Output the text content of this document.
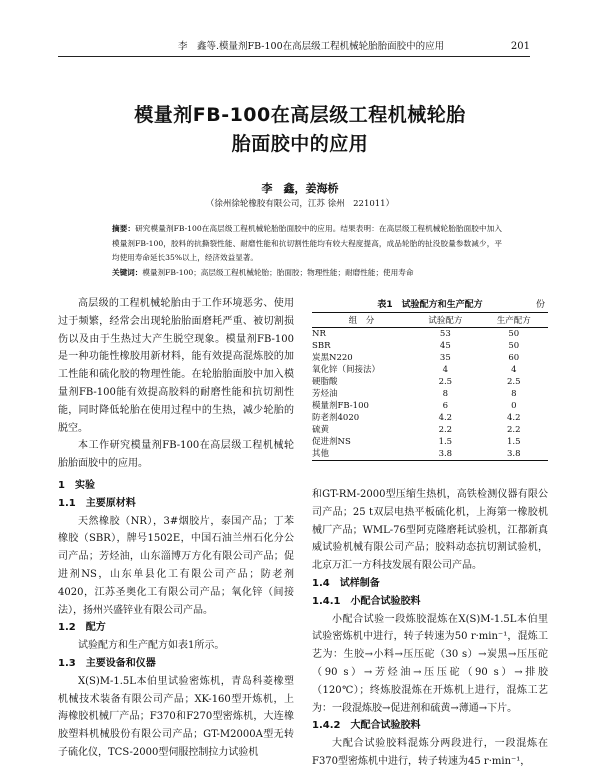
李　鑫等.模量剂FB-100在高层级工程机械轮胎胎面胶中的应用	201
模量剂FB-100在高层级工程机械轮胎
胎面胶中的应用
李　鑫，姜海桥
（徐州徐轮橡胶有限公司，江苏 徐州　221011）
摘要：研究模量剂FB-100在高层级工程机械轮胎胎面胶中的应用。结果表明：在高层级工程机械轮胎胎面胶中加入模量剂FB-100，胶料的抗撕裂性能、耐磨性能和抗切割性能均有较大程度提高，成品轮胎的扯没胶量参数减少，平均使用寿命延长35%以上，经济效益显著。
关键词：模量剂FB-100；高层级工程机械轮胎；胎面胶；物理性能；耐磨性能；使用寿命

高层级的工程机械轮胎由于工作环境恶劣、使用过于频繁，经常会出现轮胎胎面磨耗严重、被切割损伤以及由于生热过大产生脱空现象。模量剂FB-100是一种功能性橡胶用新材料，能有效提高混炼胶的加工性能和硫化胶的物理性能。在轮胎胎面胶中加入模量剂FB-100能有效提高胶料的耐磨性能和抗切割性能，同时降低轮胎在使用过程中的生热，减少轮胎的脱空。

本工作研究模量剂FB-100在高层级工程机械轮胎胎面胶中的应用。

1　实验
1.1　主要原材料

天然橡胶（NR），3#烟胶片，泰国产品；丁苯橡胶（SBR），牌号1502E，中国石油兰州石化分公司产品；芳烃油，山东淄博万方化有限公司产品；促进剂NS，山东单县化工有限公司产品；防老剂4020，江苏圣奥化工有限公司产品；氧化锌（间接法），扬州兴盛锌业有限公司产品。

1.2　配方

试验配方和生产配方如表1所示。

1.3　主要设备和仪器

X(S)M-1.5L本伯里试验密炼机，青岛科菱橡塑机械技术装备有限公司产品；XK-160型开炼机，上海橡胶机械厂产品；F370和F270型密炼机，大连橡胶塑料机械股份有限公司产品；GT-M2000A型无转子硫化仪，TCS-2000型伺服控制拉力试验机

表1　试验配方和生产配方	份
组　分	试验配方	生产配方
NR	53	50
SBR	45	50
炭黑N220	35	60
氧化锌（间接法）	4	4
硬脂酸	2.5	2.5
芳烃油	8	8
模量剂FB-100	6	0
防老剂4020	4.2	4.2
硫黄	2.2	2.2
促进剂NS	1.5	1.5
其他	3.8	3.8

和GT-RM-2000型压缩生热机，高铁检测仪器有限公司产品；25 t双层电热平板硫化机，上海第一橡胶机械厂产品；WML-76型阿克隆磨耗试验机，江都新真威试验机械有限公司产品；胶料动态抗切割试验机，北京万汇一方科技发展有限公司产品。

1.4　试样制备
1.4.1　小配合试验胶料

小配合试验一段炼胶混炼在X(S)M-1.5L本伯里试验密炼机中进行，转子转速为50 r·min⁻¹，混炼工艺为：生胶→小料→压压砣（30 s）→炭黑→压压砣（90 s）→芳烃油→压压砣（90 s）→排胶（120℃）；终炼胶混炼在开炼机上进行，混炼工艺为：一段混炼胶→促进剂和硫黄→薄通→下片。

1.4.2　大配合试验胶料

大配合试验胶料混炼分两段进行，一段混炼在F370型密炼机中进行，转子转速为45 r·min⁻¹，
